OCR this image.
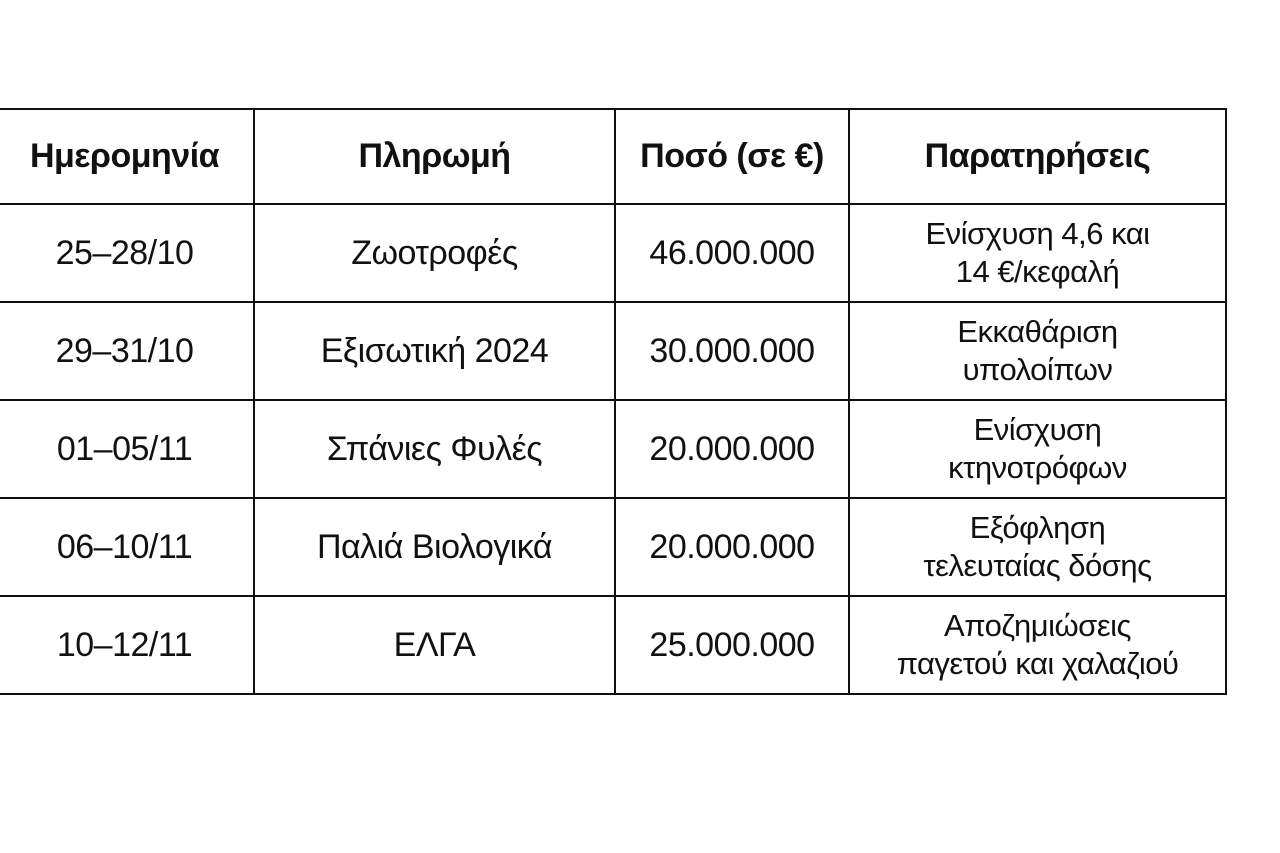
Ημερομηνία	Πληρωμή	Ποσό (σε €)	Παρατηρήσεις
25–28/10	Ζωοτροφές	46.000.000	Ενίσχυση 4,6 και
14 €/κεφαλή

29–31/10	Εξισωτική 2024	30.000.000	Εκκαθάριση
υπολοίπων

01–05/11	Σπάνιες Φυλές	20.000.000	Ενίσχυση
κτηνοτρόφων

06–10/11	Παλιά Βιολογικά	20.000.000	Εξόφληση
τελευταίας δόσης

10–12/11	ΕΛΓΑ	25.000.000	Αποζημιώσεις
παγετού και χαλαζιού
